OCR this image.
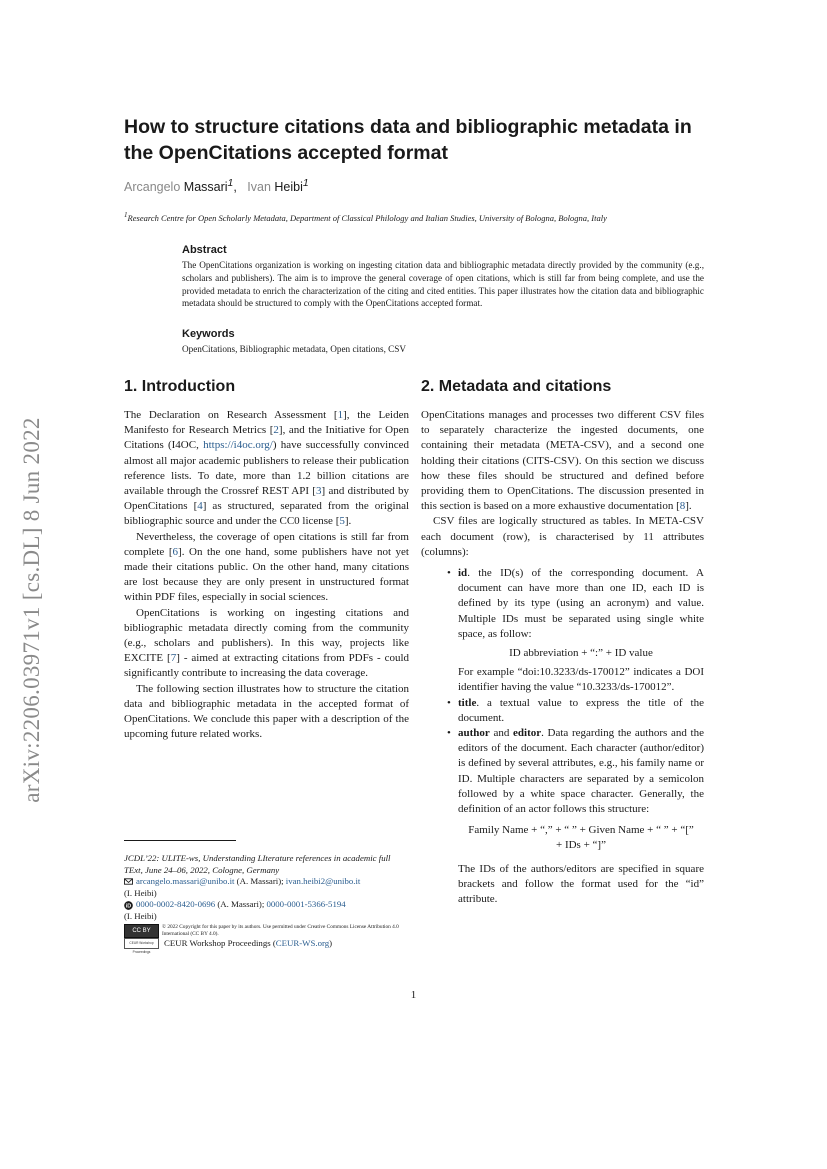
arXiv:2206.03971v1 [cs.DL] 8 Jun 2022
How to structure citations data and bibliographic metadata in the OpenCitations accepted format
Arcangelo Massari$^1$, Ivan Heibi$^1$
$^1$Research Centre for Open Scholarly Metadata, Department of Classical Philology and Italian Studies, University of Bologna, Bologna, Italy
Abstract
The OpenCitations organization is working on ingesting citation data and bibliographic metadata directly provided by the community (e.g., scholars and publishers). The aim is to improve the general coverage of open citations, which is still far from being complete, and use the provided metadata to enrich the characterization of the citing and cited entities. This paper illustrates how the citation data and bibliographic metadata should be structured to comply with the OpenCitations accepted format.
Keywords
OpenCitations, Bibliographic metadata, Open citations, CSV
1. Introduction

The Declaration on Research Assessment [1], the Leiden Manifesto for Research Metrics [2], and the Initiative for Open Citations (I4OC, https://i4oc.org/) have successfully convinced almost all major academic publishers to release their publication reference lists. To date, more than 1.2 billion citations are available through the Crossref REST API [3] and distributed by OpenCitations [4] as structured, separated from the original bibliographic source and under the CC0 license [5].

Nevertheless, the coverage of open citations is still far from complete [6]. On the one hand, some publishers have not yet made their citations public. On the other hand, many citations are lost because they are only present in unstructured format within PDF files, especially in social sciences.

OpenCitations is working on ingesting citations and bibliographic metadata directly coming from the community (e.g., scholars and publishers). In this way, projects like EXCITE [7] - aimed at extracting citations from PDFs - could significantly contribute to increasing the data coverage.

The following section illustrates how to structure the citation data and bibliographic metadata in the accepted format of OpenCitations. We conclude this paper with a description of the upcoming future related works.

2. Metadata and citations

OpenCitations manages and processes two different CSV files to separately characterize the ingested documents, one containing their metadata (META-CSV), and a second one holding their citations (CITS-CSV). On this section we discuss how these files should be structured and defined before providing them to OpenCitations. The discussion presented in this section is based on a more exhaustive documentation [8].

CSV files are logically structured as tables. In META-CSV each document (row), is characterised by 11 attributes (columns):

• id. the ID(s) of the corresponding document. A document can have more than one ID, each ID is defined by its type (using an acronym) and value. Multiple IDs must be separated using single white space, as follow:
ID abbreviation + “:” + ID value
For example “doi:10.3233/ds-170012” indicates a DOI identifier having the value “10.3233/ds-170012”.
• title. a textual value to express the title of the document.
• author and editor. Data regarding the authors and the editors of the document. Each character (author/editor) is defined by several attributes, e.g., his family name or ID. Multiple characters are separated by a semicolon followed by a white space character. Generally, the definition of an actor follows this structure:
Family Name + “,” + “ ” + Given Name + “ ” + “[”
+ IDs + “]”
The IDs of the authors/editors are specified in square brackets and follow the format used for the “id” attribute.
JCDL’22: ULITE-ws, Understanding LIterature references in academic full TExt, June 24–06, 2022, Cologne, Germany
arcangelo.massari@unibo.it (A. Massari); ivan.heibi2@unibo.it
(I. Heibi)
iD 0000-0002-8420-0696 (A. Massari); 0000-0001-5366-5194
(I. Heibi)
CC BY
© 2022 Copyright for this paper by its authors. Use permitted under Creative Commons License Attribution 4.0 International (CC BY 4.0).
CEUR Workshop Proceedings
CEUR Workshop Proceedings (CEUR-WS.org)
1
